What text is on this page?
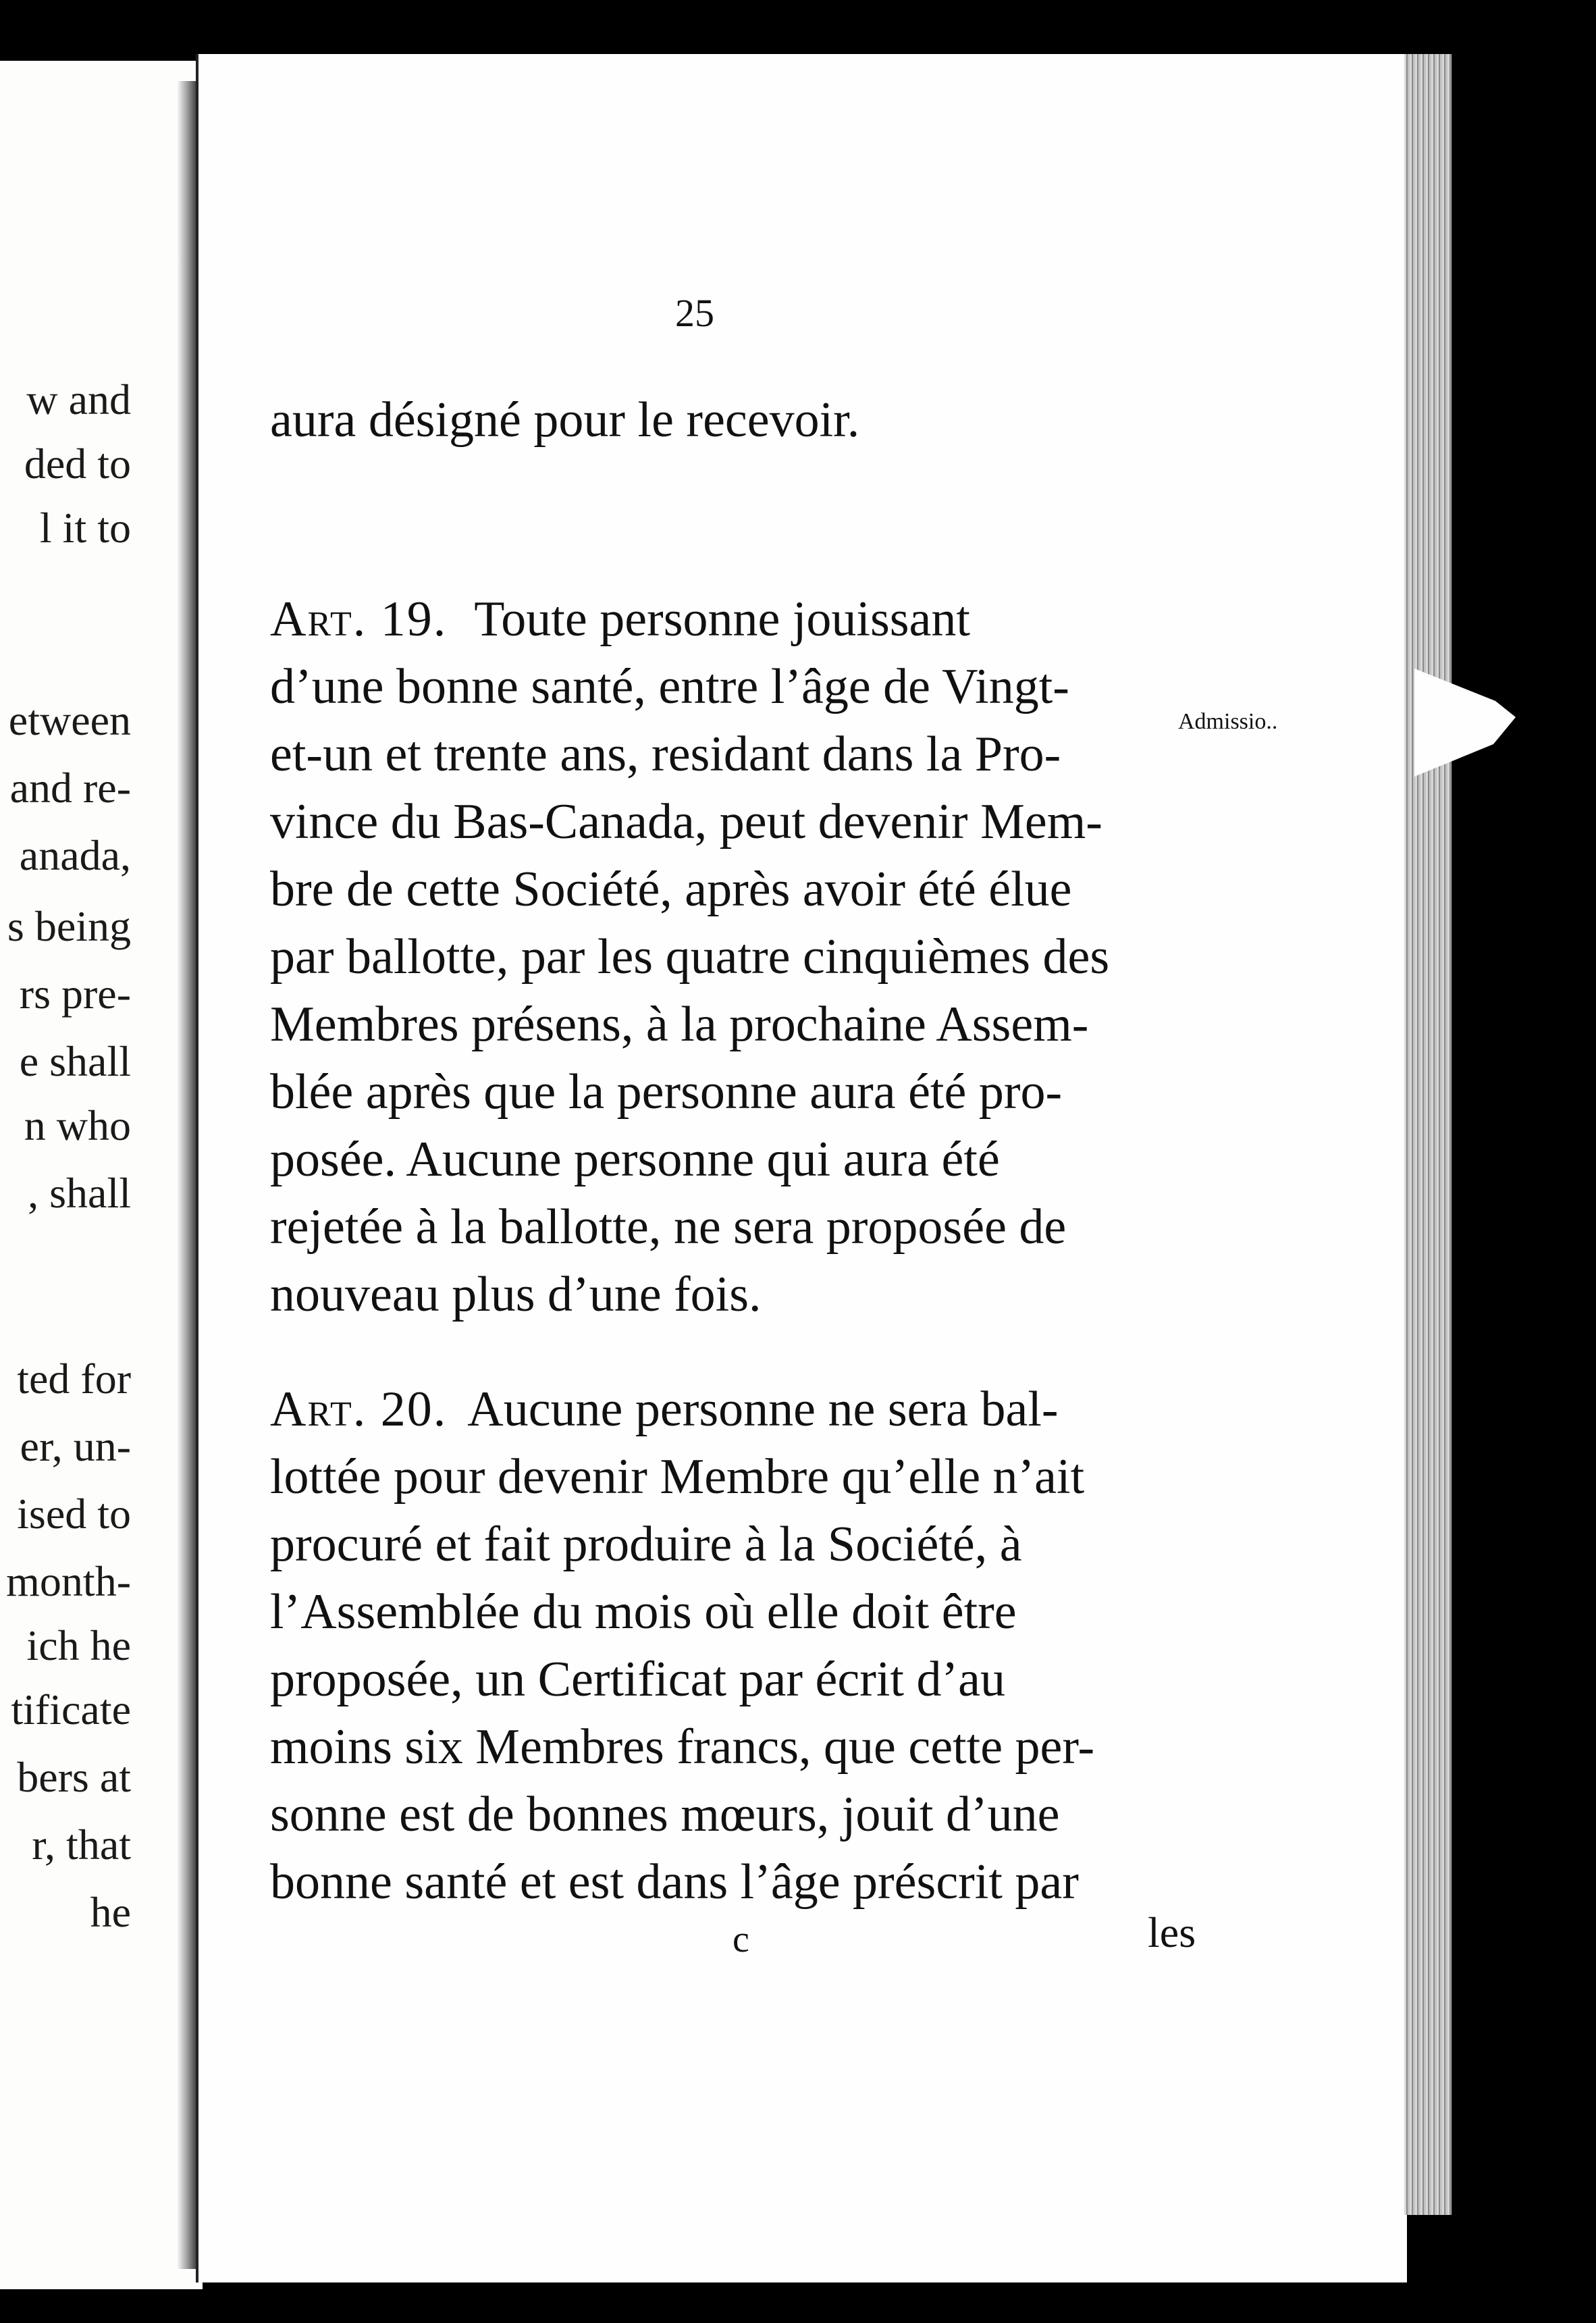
w and
ded to
l it to
etween
and re-
anada,
s being
rs pre-
e shall
n who
, shall
ted for
er, un-
ised to
month-
ich he
tificate
bers at
r, that
he
25
aura désigné pour le recevoir.
Art. 19. Toute personne jouissant
d’une bonne santé, entre l’âge de Vingt-
et-un et trente ans, residant dans la Pro-
vince du Bas-Canada, peut devenir Mem-
bre de cette Société, après avoir été élue
par ballotte, par les quatre cinquièmes des
Membres présens, à la prochaine Assem-
blée après que la personne aura été pro-
posée. Aucune personne qui aura été
rejetée à la ballotte, ne sera proposée de
nouveau plus d’une fois.
Admissio..
Art. 20. Aucune personne ne sera bal-
lottée pour devenir Membre qu’elle n’ait
procuré et fait produire à la Société, à
l’Assemblée du mois où elle doit être
proposée, un Certificat par écrit d’au
moins six Membres francs, que cette per-
sonne est de bonnes mœurs, jouit d’une
bonne santé et est dans l’âge préscrit par
c	les
